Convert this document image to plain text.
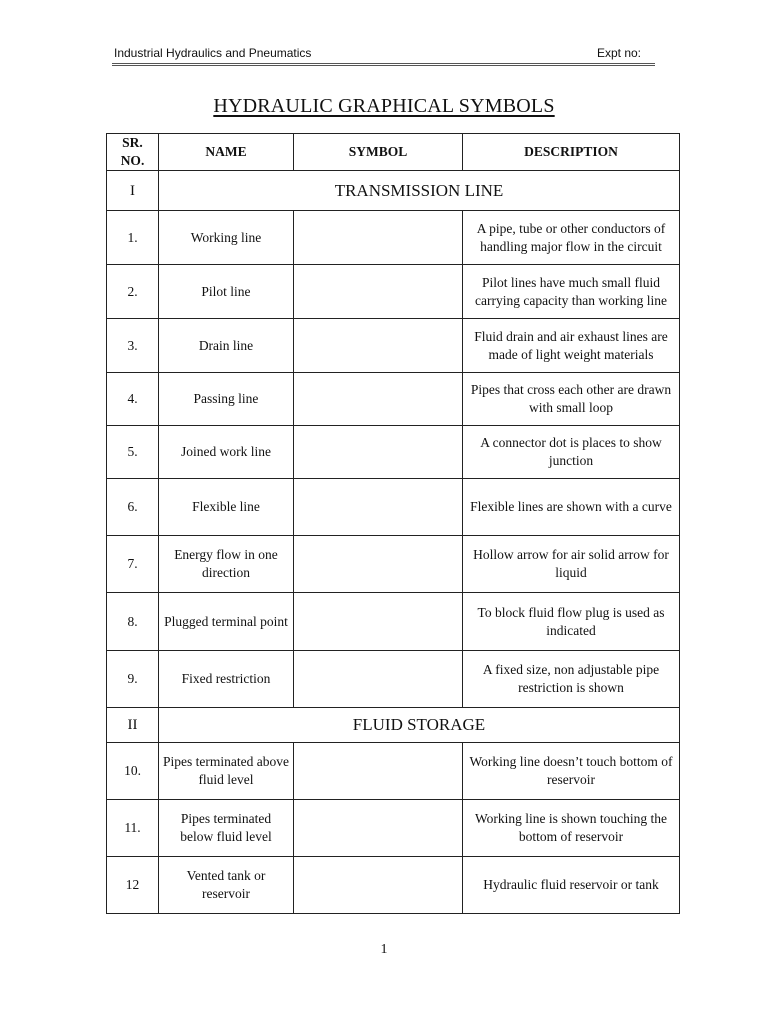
Industrial Hydraulics and Pneumatics	Expt no:
HYDRAULIC GRAPHICAL SYMBOLS
SR. NO.	NAME	SYMBOL	DESCRIPTION
I	TRANSMISSION LINE		
1.	Working line		A pipe, tube or other conductors of handling major flow in the circuit
2.	Pilot line		Pilot lines have much small fluid carrying capacity than working line
3.	Drain line		Fluid drain and air exhaust lines are made of light weight materials
4.	Passing line		Pipes that cross each other are drawn with small loop
5.	Joined work line		A connector dot is places to show junction
6.	Flexible line		Flexible lines are shown with a curve
7.	Energy flow in one direction		Hollow arrow for air solid arrow for liquid
8.	Plugged terminal point		To block fluid flow plug is used as indicated
9.	Fixed restriction		A fixed size, non adjustable pipe restriction is shown
II	FLUID STORAGE		
10.	Pipes terminated above fluid level		Working line doesn’t touch bottom of reservoir
11.	Pipes terminated below fluid level		Working line is shown touching the bottom of reservoir
12	Vented tank or reservoir		Hydraulic fluid reservoir or tank
1
